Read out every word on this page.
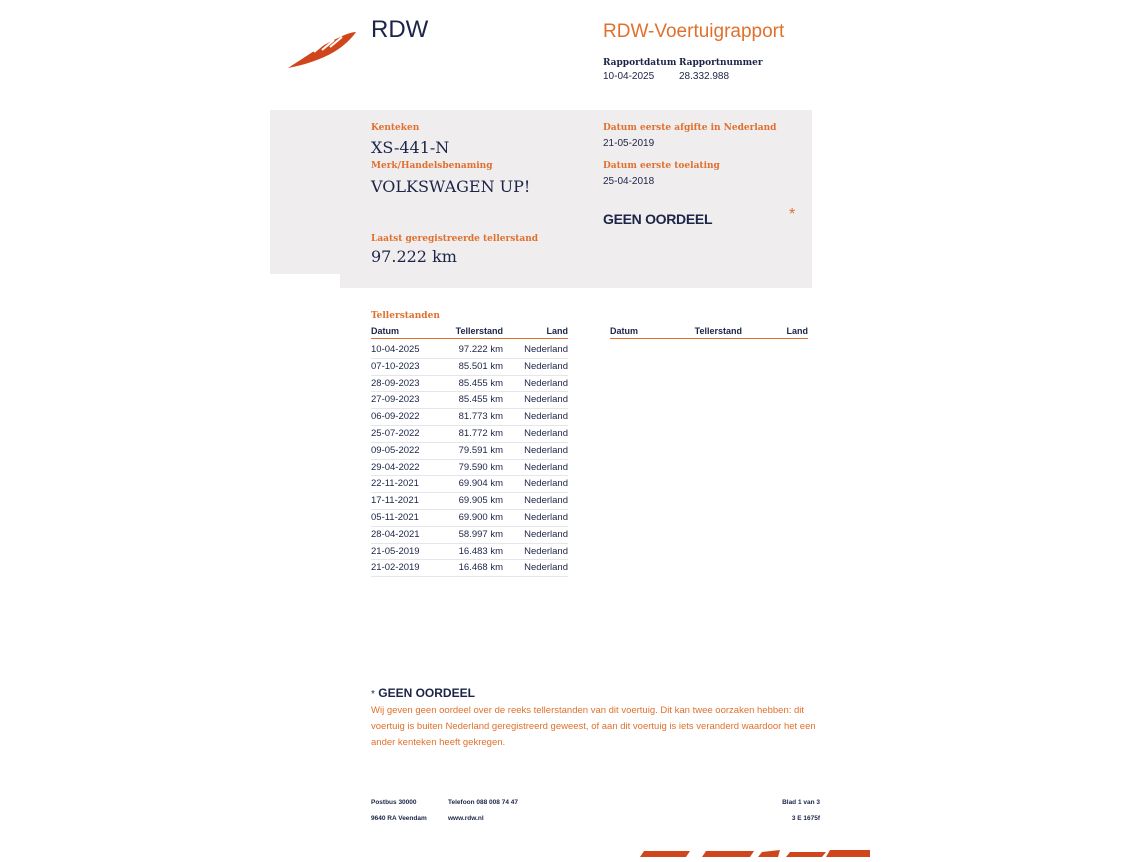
RDW	RDW-Voertuigrapport
Rapportdatum
10-04-2025
Rapportnummer
28.332.988
Kenteken
XS-441-N
Merk/Handelsbenaming
VOLKSWAGEN UP!
Datum eerste afgifte in Nederland
21-05-2019
Datum eerste toelating
25-04-2018
GEEN OORDEEL	*
Laatst geregistreerde tellerstand
97.222 km
Tellerstanden
Datum	Tellerstand	Land
10-04-2025	97.222 km	Nederland
07-10-2023	85.501 km	Nederland
28-09-2023	85.455 km	Nederland
27-09-2023	85.455 km	Nederland
06-09-2022	81.773 km	Nederland
25-07-2022	81.772 km	Nederland
09-05-2022	79.591 km	Nederland
29-04-2022	79.590 km	Nederland
22-11-2021	69.904 km	Nederland
17-11-2021	69.905 km	Nederland
05-11-2021	69.900 km	Nederland
28-04-2021	58.997 km	Nederland
21-05-2019	16.483 km	Nederland
21-02-2019	16.468 km	Nederland
Datum	Tellerstand	Land
* GEEN OORDEEL
Wij geven geen oordeel over de reeks tellerstanden van dit voertuig. Dit kan twee oorzaken hebben: dit voertuig is buiten Nederland geregistreerd geweest, of aan dit voertuig is iets veranderd waardoor het een ander kenteken heeft gekregen.
Postbus 30000
9640 RA Veendam
Telefoon 088 008 74 47
www.rdw.nl
Blad 1 van 3
3 E 1675f
